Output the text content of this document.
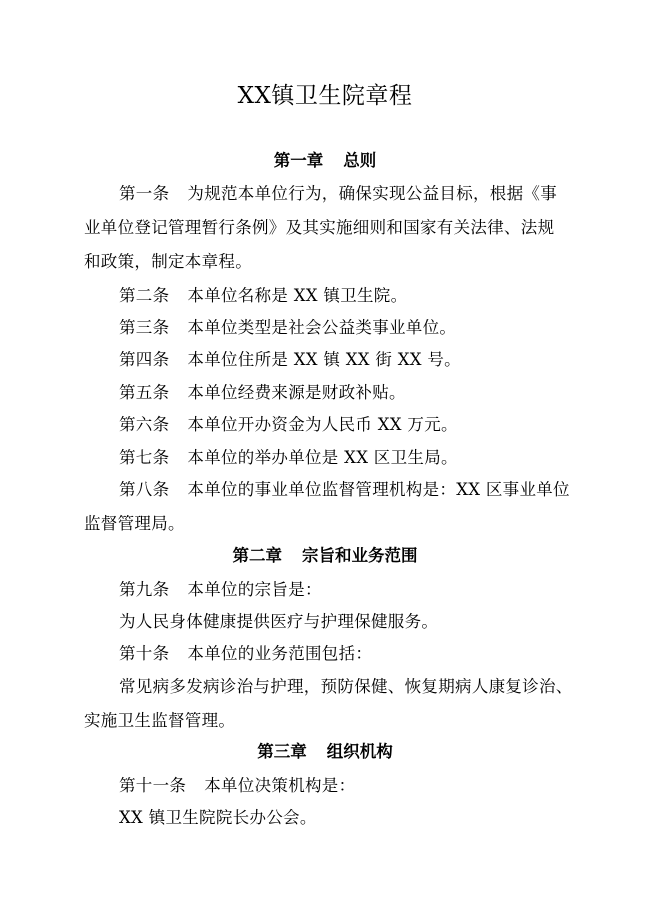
XX镇卫生院章程
第一章 总则
第一条 为规范本单位行为，确保实现公益目标，根据《事
业单位登记管理暂行条例》及其实施细则和国家有关法律、法规
和政策，制定本章程。
第二条 本单位名称是 XX 镇卫生院。
第三条 本单位类型是社会公益类事业单位。
第四条 本单位住所是 XX 镇 XX 街 XX 号。
第五条 本单位经费来源是财政补贴。
第六条 本单位开办资金为人民币 XX 万元。
第七条 本单位的举办单位是 XX 区卫生局。
第八条 本单位的事业单位监督管理机构是：XX 区事业单位
监督管理局。
第二章 宗旨和业务范围
第九条 本单位的宗旨是：
为人民身体健康提供医疗与护理保健服务。
第十条 本单位的业务范围包括：
常见病多发病诊治与护理，预防保健、恢复期病人康复诊治、
实施卫生监督管理。
第三章 组织机构
第十一条 本单位决策机构是：
XX 镇卫生院院长办公会。
